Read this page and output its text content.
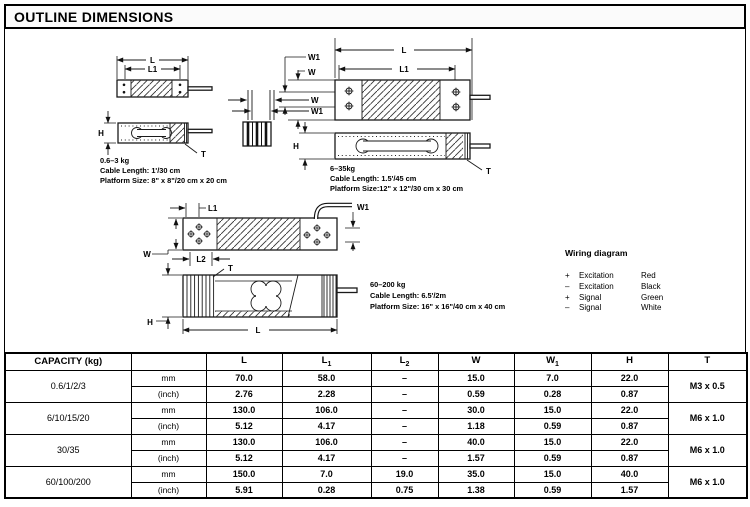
OUTLINE DIMENSIONS
L
L1
H
T
0.6–3 kg
Cable Length: 1'/30 cm
Platform Size: 8" x 8"/20 cm x 20 cm
W
W1
L
L1
W1
W
H
T
6–35kg
Cable Length: 1.5'/45 cm
Platform Size:12" x 12"/30 cm x 30 cm
L1	W1
W
L2
T
H
L
60–200 kg
Cable Length: 6.5'/2m
Platform Size: 16" x 16"/40 cm x 40 cm
Wiring diagram
+	Excitation	Red
–	Excitation	Black
+	Signal	Green
–	Signal	White
CAPACITY (kg)		L	$L_1$	$L_2$	W	$W_1$	H	T
0.6/1/2/3	mm	70.0	58.0	–	15.0	7.0	22.0	M3 x 0.5
	(inch)	2.76	2.28	–	0.59	0.28	0.87	
6/10/15/20	mm	130.0	106.0	–	30.0	15.0	22.0	M6 x 1.0
	(inch)	5.12	4.17	–	1.18	0.59	0.87	
30/35	mm	130.0	106.0	–	40.0	15.0	22.0	M6 x 1.0
	(inch)	5.12	4.17	–	1.57	0.59	0.87	
60/100/200	mm	150.0	7.0	19.0	35.0	15.0	40.0	M6 x 1.0
	(inch)	5.91	0.28	0.75	1.38	0.59	1.57	
